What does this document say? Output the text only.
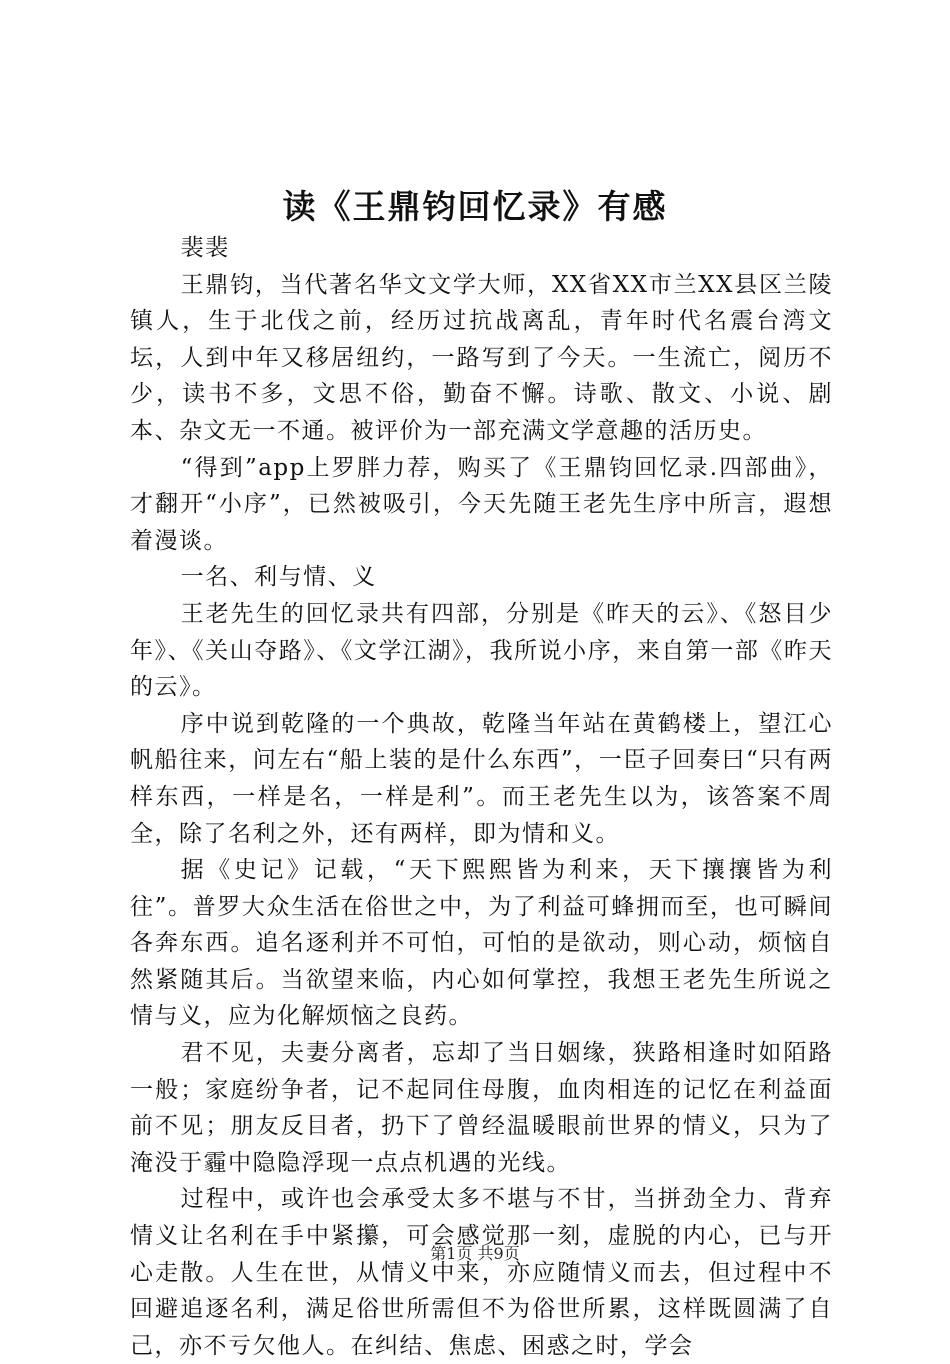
读《王鼎钧回忆录》有感

裴裴

王鼎钧，当代著名华文文学大师，XX省XX市兰XX县区兰陵镇人，生于北伐之前，经历过抗战离乱，青年时代名震台湾文坛，人到中年又移居纽约，一路写到了今天。一生流亡，阅历不少，读书不多，文思不俗，勤奋不懈。诗歌、散文、小说、剧本、杂文无一不通。被评价为一部充满文学意趣的活历史。

“得到”app上罗胖力荐，购买了《王鼎钧回忆录.四部曲》，才翻开“小序”，已然被吸引，今天先随王老先生序中所言，遐想着漫谈。

一名、利与情、义

王老先生的回忆录共有四部，分别是《昨天的云》、《怒目少年》、《关山夺路》、《文学江湖》，我所说小序，来自第一部《昨天的云》。

序中说到乾隆的一个典故，乾隆当年站在黄鹤楼上，望江心帆船往来，问左右“船上装的是什么东西”，一臣子回奏曰“只有两样东西，一样是名，一样是利”。而王老先生以为，该答案不周全，除了名利之外，还有两样，即为情和义。

据《史记》记载，“天下熙熙皆为利来，天下攘攘皆为利往”。普罗大众生活在俗世之中，为了利益可蜂拥而至，也可瞬间各奔东西。追名逐利并不可怕，可怕的是欲动，则心动，烦恼自然紧随其后。当欲望来临，内心如何掌控，我想王老先生所说之情与义，应为化解烦恼之良药。

君不见，夫妻分离者，忘却了当日姻缘，狭路相逢时如陌路一般；家庭纷争者，记不起同住母腹，血肉相连的记忆在利益面前不见；朋友反目者，扔下了曾经温暖眼前世界的情义，只为了淹没于霾中隐隐浮现一点点机遇的光线。

过程中，或许也会承受太多不堪与不甘，当拼劲全力、背弃情义让名利在手中紧攥，可会感觉那一刻，虚脱的内心，已与开心走散。人生在世，从情义中来，亦应随情义而去，但过程中不回避追逐名利，满足俗世所需但不为俗世所累，这样既圆满了自己，亦不亏欠他人。在纠结、焦虑、困惑之时，学会

第1页 共9页
